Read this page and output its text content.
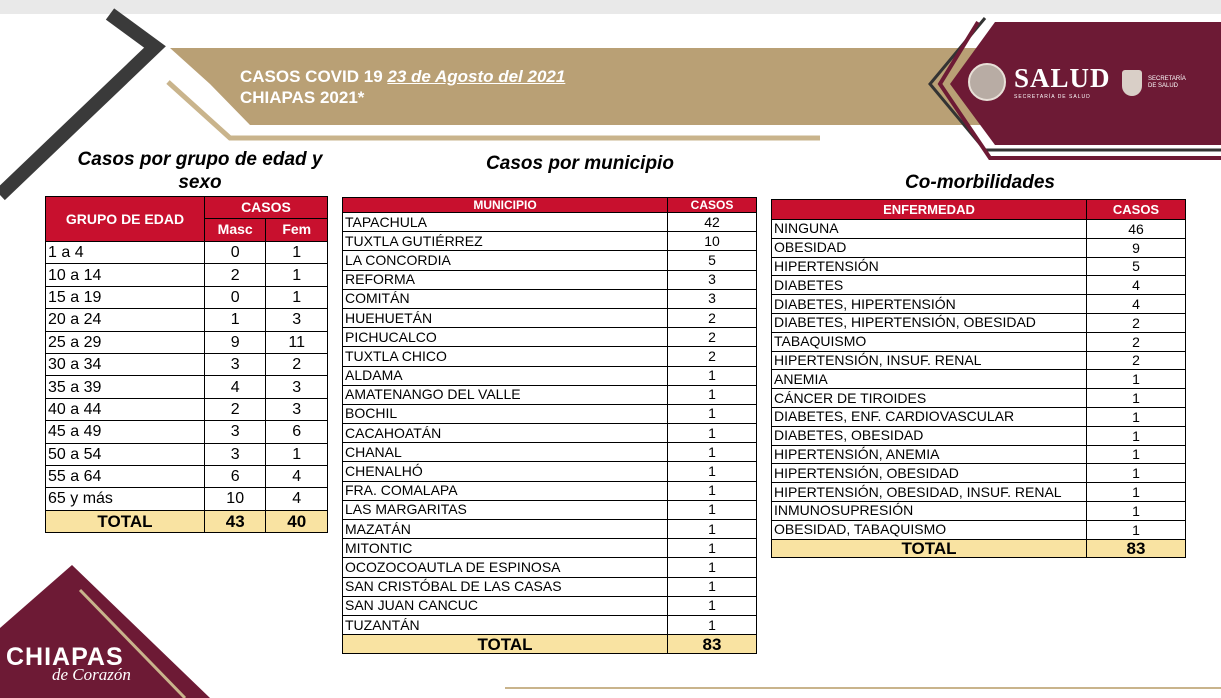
CASOS COVID 19 23 de Agosto del 2021
CHIAPAS 2021*
SALUD
SECRETARÍA DE SALUD
SECRETARÍA
DE SALUD
CHIAPAS
de Corazón
Casos por grupo de edad y sexo
GRUPO DE EDAD	CASOS	
	Masc	Fem
1 a 4	0	1
10 a 14	2	1
15 a 19	0	1
20 a 24	1	3
25 a 29	9	11
30 a 34	3	2
35 a 39	4	3
40 a 44	2	3
45 a 49	3	6
50 a 54	3	1
55 a 64	6	4
65 y más	10	4
TOTAL	43	40
Casos por municipio
MUNICIPIO	CASOS
TAPACHULA	42
TUXTLA GUTIÉRREZ	10
LA CONCORDIA	5
REFORMA	3
COMITÁN	3
HUEHUETÁN	2
PICHUCALCO	2
TUXTLA CHICO	2
ALDAMA	1
AMATENANGO DEL VALLE	1
BOCHIL	1
CACAHOATÁN	1
CHANAL	1
CHENALHÓ	1
FRA. COMALAPA	1
LAS MARGARITAS	1
MAZATÁN	1
MITONTIC	1
OCOZOCOAUTLA DE ESPINOSA	1
SAN CRISTÓBAL DE LAS CASAS	1
SAN JUAN CANCUC	1
TUZANTÁN	1
TOTAL	83
Co-morbilidades
ENFERMEDAD	CASOS
NINGUNA	46
OBESIDAD	9
HIPERTENSIÓN	5
DIABETES	4
DIABETES, HIPERTENSIÓN	4
DIABETES, HIPERTENSIÓN, OBESIDAD	2
TABAQUISMO	2
HIPERTENSIÓN, INSUF. RENAL	2
ANEMIA	1
CÁNCER DE TIROIDES	1
DIABETES, ENF. CARDIOVASCULAR	1
DIABETES, OBESIDAD	1
HIPERTENSIÓN, ANEMIA	1
HIPERTENSIÓN, OBESIDAD	1
HIPERTENSIÓN, OBESIDAD, INSUF. RENAL	1
INMUNOSUPRESIÓN	1
OBESIDAD, TABAQUISMO	1
TOTAL	83
